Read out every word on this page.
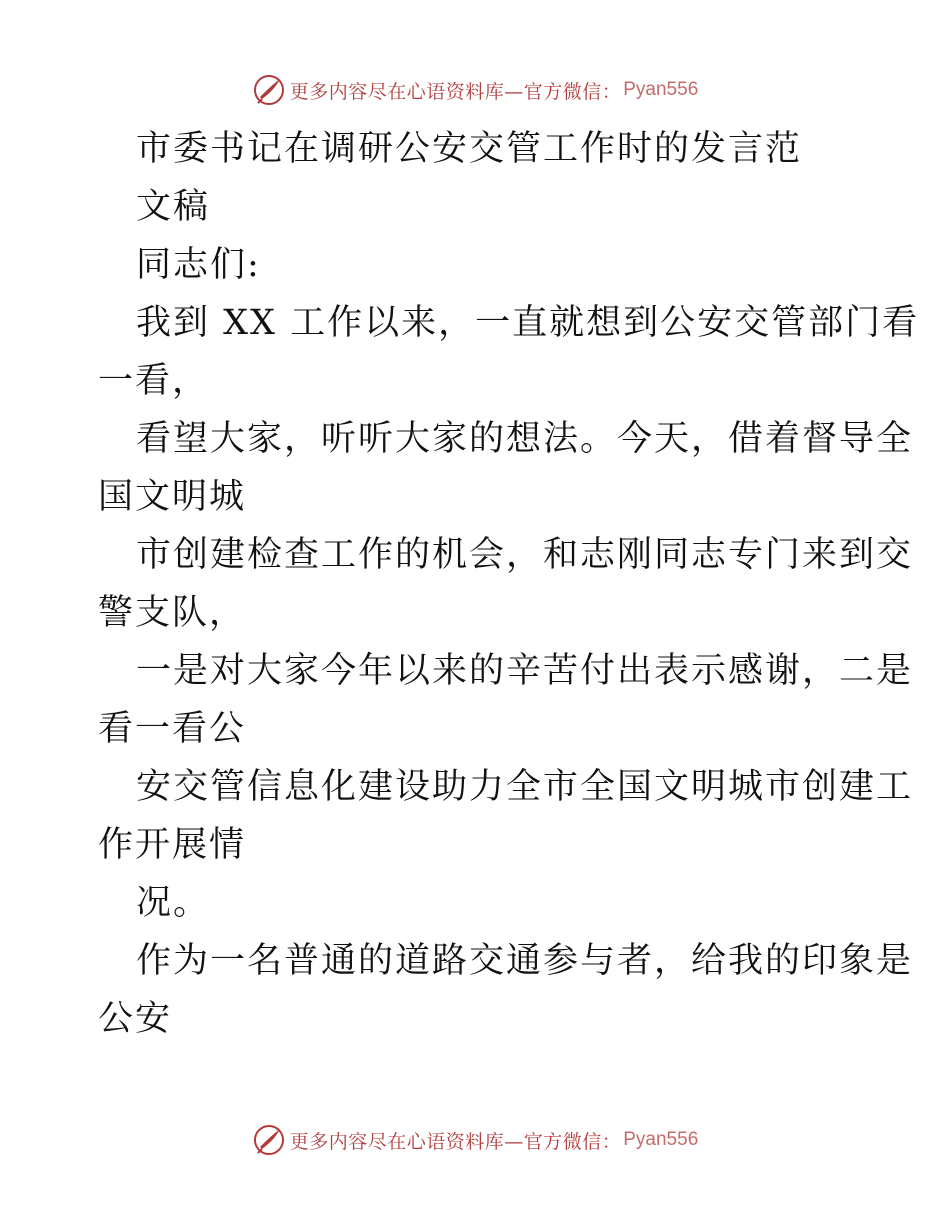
更多内容尽在心语资料库—官方微信： Pyan556
市委书记在调研公安交管工作时的发言范
文稿
同志们:
我到 XX 工作以来，一直就想到公安交管部门看
一看，
看望大家，听听大家的想法。今天，借着督导全
国文明城
市创建检查工作的机会，和志刚同志专门来到交
警支队，
一是对大家今年以来的辛苦付出表示感谢，二是
看一看公
安交管信息化建设助力全市全国文明城市创建工
作开展情
况。
作为一名普通的道路交通参与者，给我的印象是
公安
更多内容尽在心语资料库—官方微信： Pyan556
